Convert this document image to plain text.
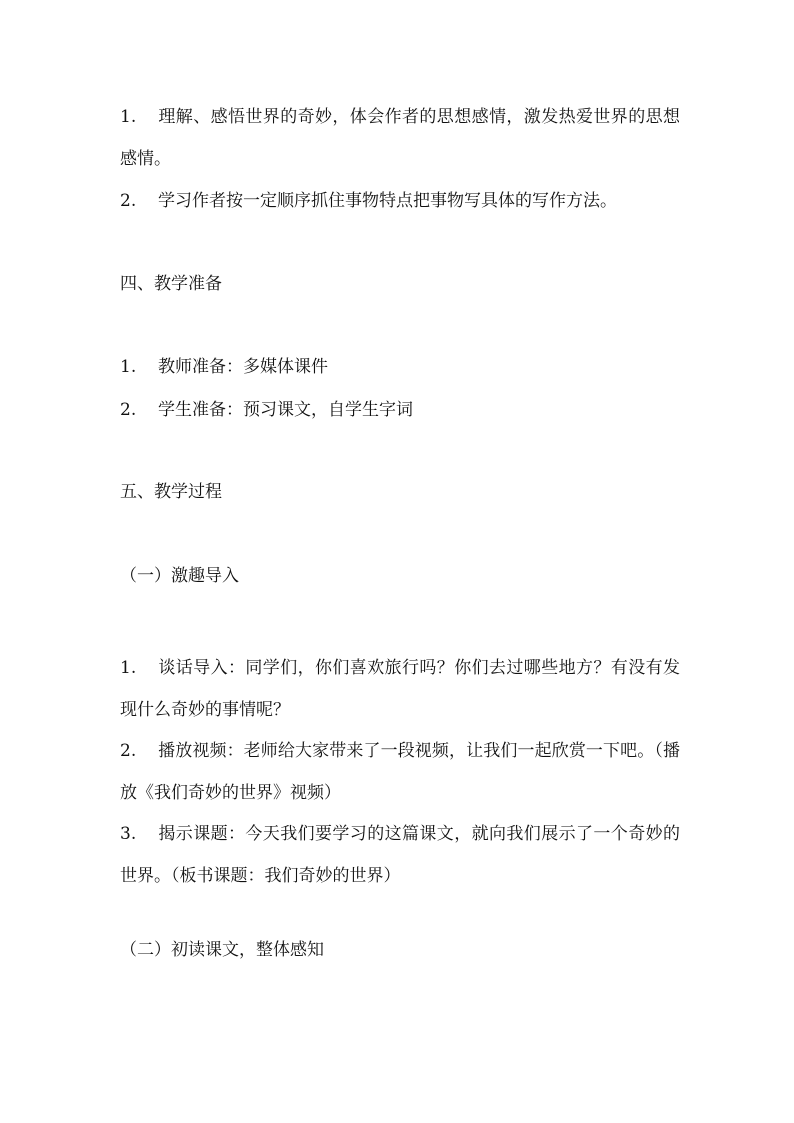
1. 理解、感悟世界的奇妙，体会作者的思想感情，激发热爱世界的思想感情。
2. 学习作者按一定顺序抓住事物特点把事物写具体的写作方法。
四、教学准备
1. 教师准备：多媒体课件
2. 学生准备：预习课文，自学生字词
五、教学过程
（一）激趣导入
1. 谈话导入：同学们，你们喜欢旅行吗？你们去过哪些地方？有没有发现什么奇妙的事情呢？
2. 播放视频：老师给大家带来了一段视频，让我们一起欣赏一下吧。（播放《我们奇妙的世界》视频）
3. 揭示课题：今天我们要学习的这篇课文，就向我们展示了一个奇妙的世界。（板书课题：我们奇妙的世界）
（二）初读课文，整体感知
